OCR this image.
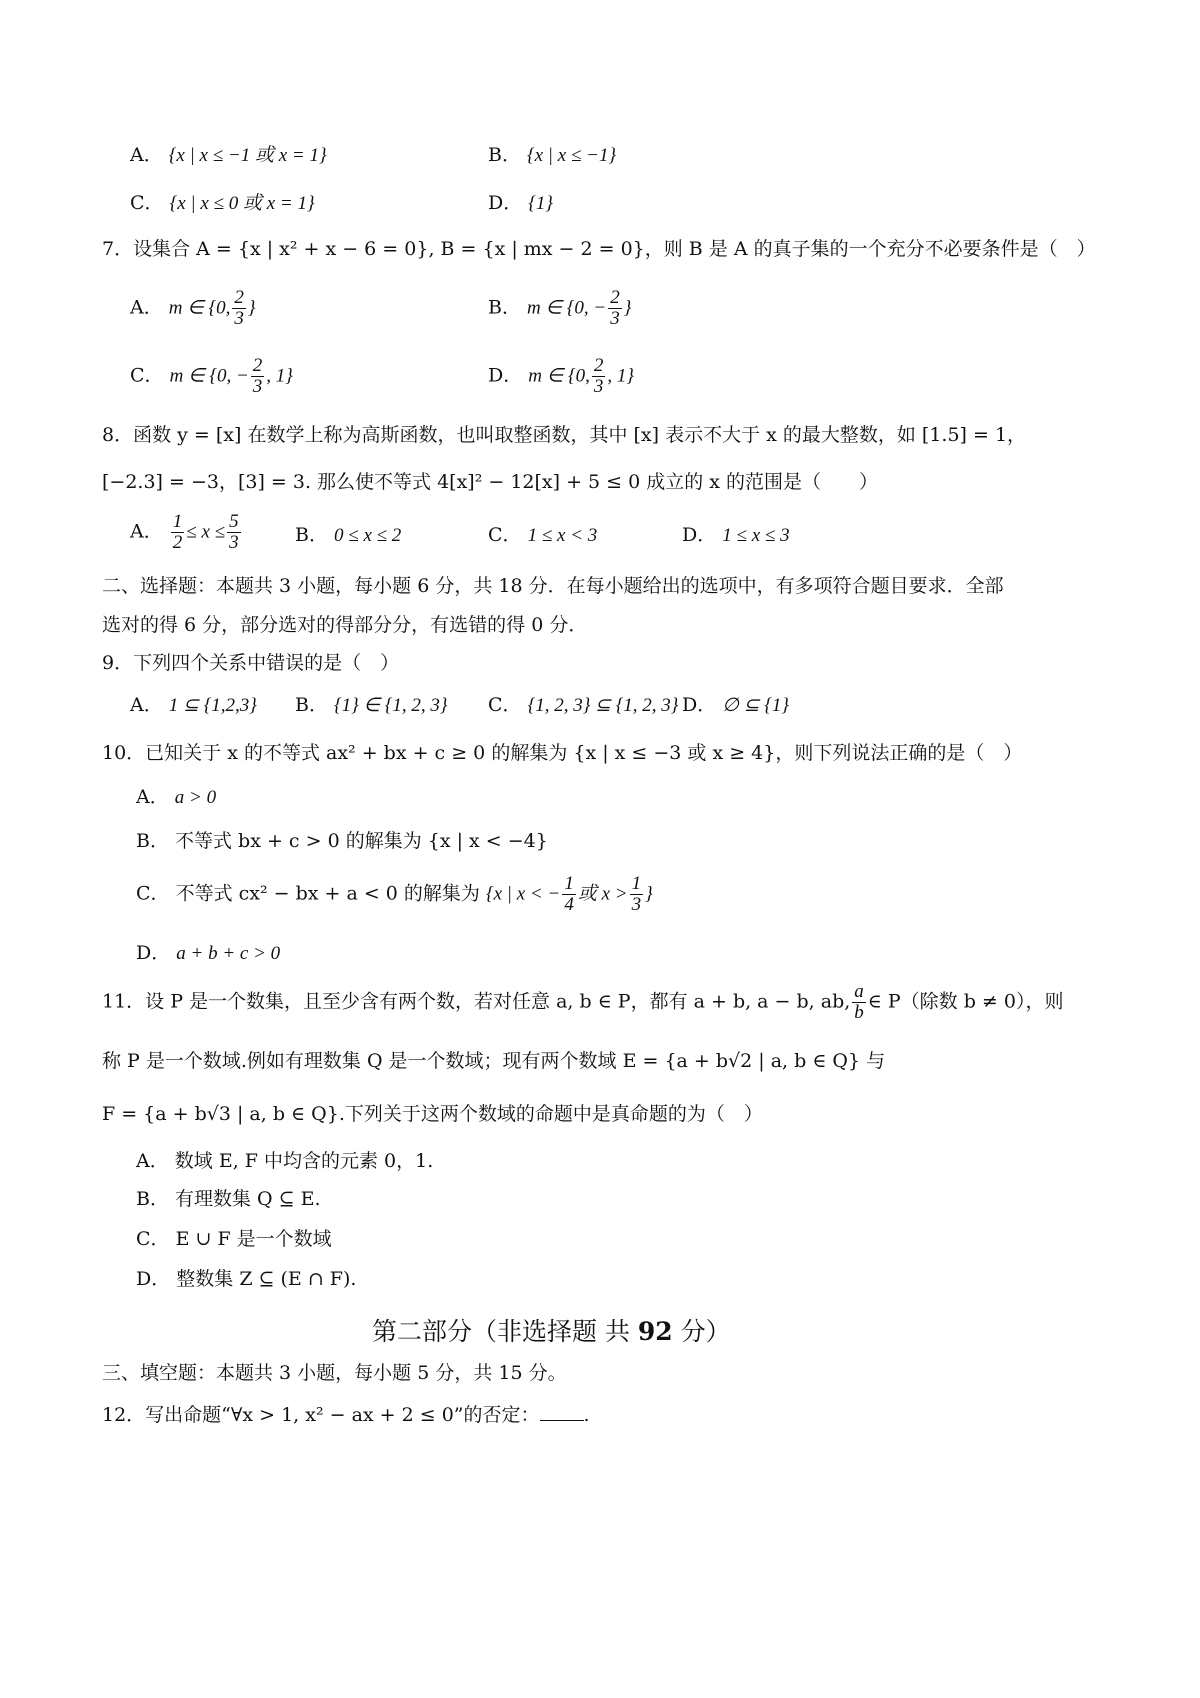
A． {x | x ≤ −1 或 x = 1}	B． {x | x ≤ −1}
C． {x | x ≤ 0 或 x = 1}	D． {1}
7．设集合 A = {x | x² + x − 6 = 0}, B = {x | mx − 2 = 0}，则 B 是 A 的真子集的一个充分不必要条件是（　）
A． m ∈ {0, $\frac{2}{3}$ }	B． m ∈ {0, − $\frac{2}{3}$ }
C． m ∈ {0, − $\frac{2}{3}$ , 1}	D． m ∈ {0, $\frac{2}{3}$ , 1}
8．函数 y = [x] 在数学上称为高斯函数，也叫取整函数，其中 [x] 表示不大于 x 的最大整数，如 [1.5] = 1，
[−2.3] = −3，[3] = 3. 那么使不等式 4[x]² − 12[x] + 5 ≤ 0 成立的 x 的范围是（　　）
A． $\frac{1}{2} \le x \le \frac{5}{3}$	B． 0 ≤ x ≤ 2	C． 1 ≤ x < 3	D． 1 ≤ x ≤ 3
二、选择题：本题共 3 小题，每小题 6 分，共 18 分．在每小题给出的选项中，有多项符合题目要求．全部
选对的得 6 分，部分选对的得部分分，有选错的得 0 分．
9．下列四个关系中错误的是（　）
A． 1 ⊆ {1,2,3} B． {1} ∈ {1, 2, 3} C． {1, 2, 3} ⊆ {1, 2, 3} D． ∅ ⊆ {1}
10．已知关于 x 的不等式 ax² + bx + c ≥ 0 的解集为 {x | x ≤ −3 或 x ≥ 4}，则下列说法正确的是（　）
A． a > 0
B． 不等式 bx + c > 0 的解集为 {x | x < −4}
C． 不等式 cx² − bx + a < 0 的解集为 {x | x < − $\frac{1}{4}$ 或 $x > \frac{1}{3}$ }
D． a + b + c > 0
11．设 P 是一个数集，且至少含有两个数，若对任意 a, b ∈ P，都有 a + b, a − b, ab, $\frac{a}{b}$ ∈ P（除数 b ≠ 0），则
称 P 是一个数域.例如有理数集 Q 是一个数域；现有两个数域 E = {a + b√2 | a, b ∈ Q} 与
F = {a + b√3 | a, b ∈ Q}.下列关于这两个数域的命题中是真命题的为（　）
A． 数域 E, F 中均含的元素 0，1.
B． 有理数集 Q ⊆ E.
C． E ∪ F 是一个数域
D． 整数集 Z ⊆ (E ∩ F).
第二部分（非选择题 共 92 分）
三、填空题：本题共 3 小题，每小题 5 分，共 15 分。
12．写出命题“∀x > 1, x² − ax + 2 ≤ 0”的否定： .
